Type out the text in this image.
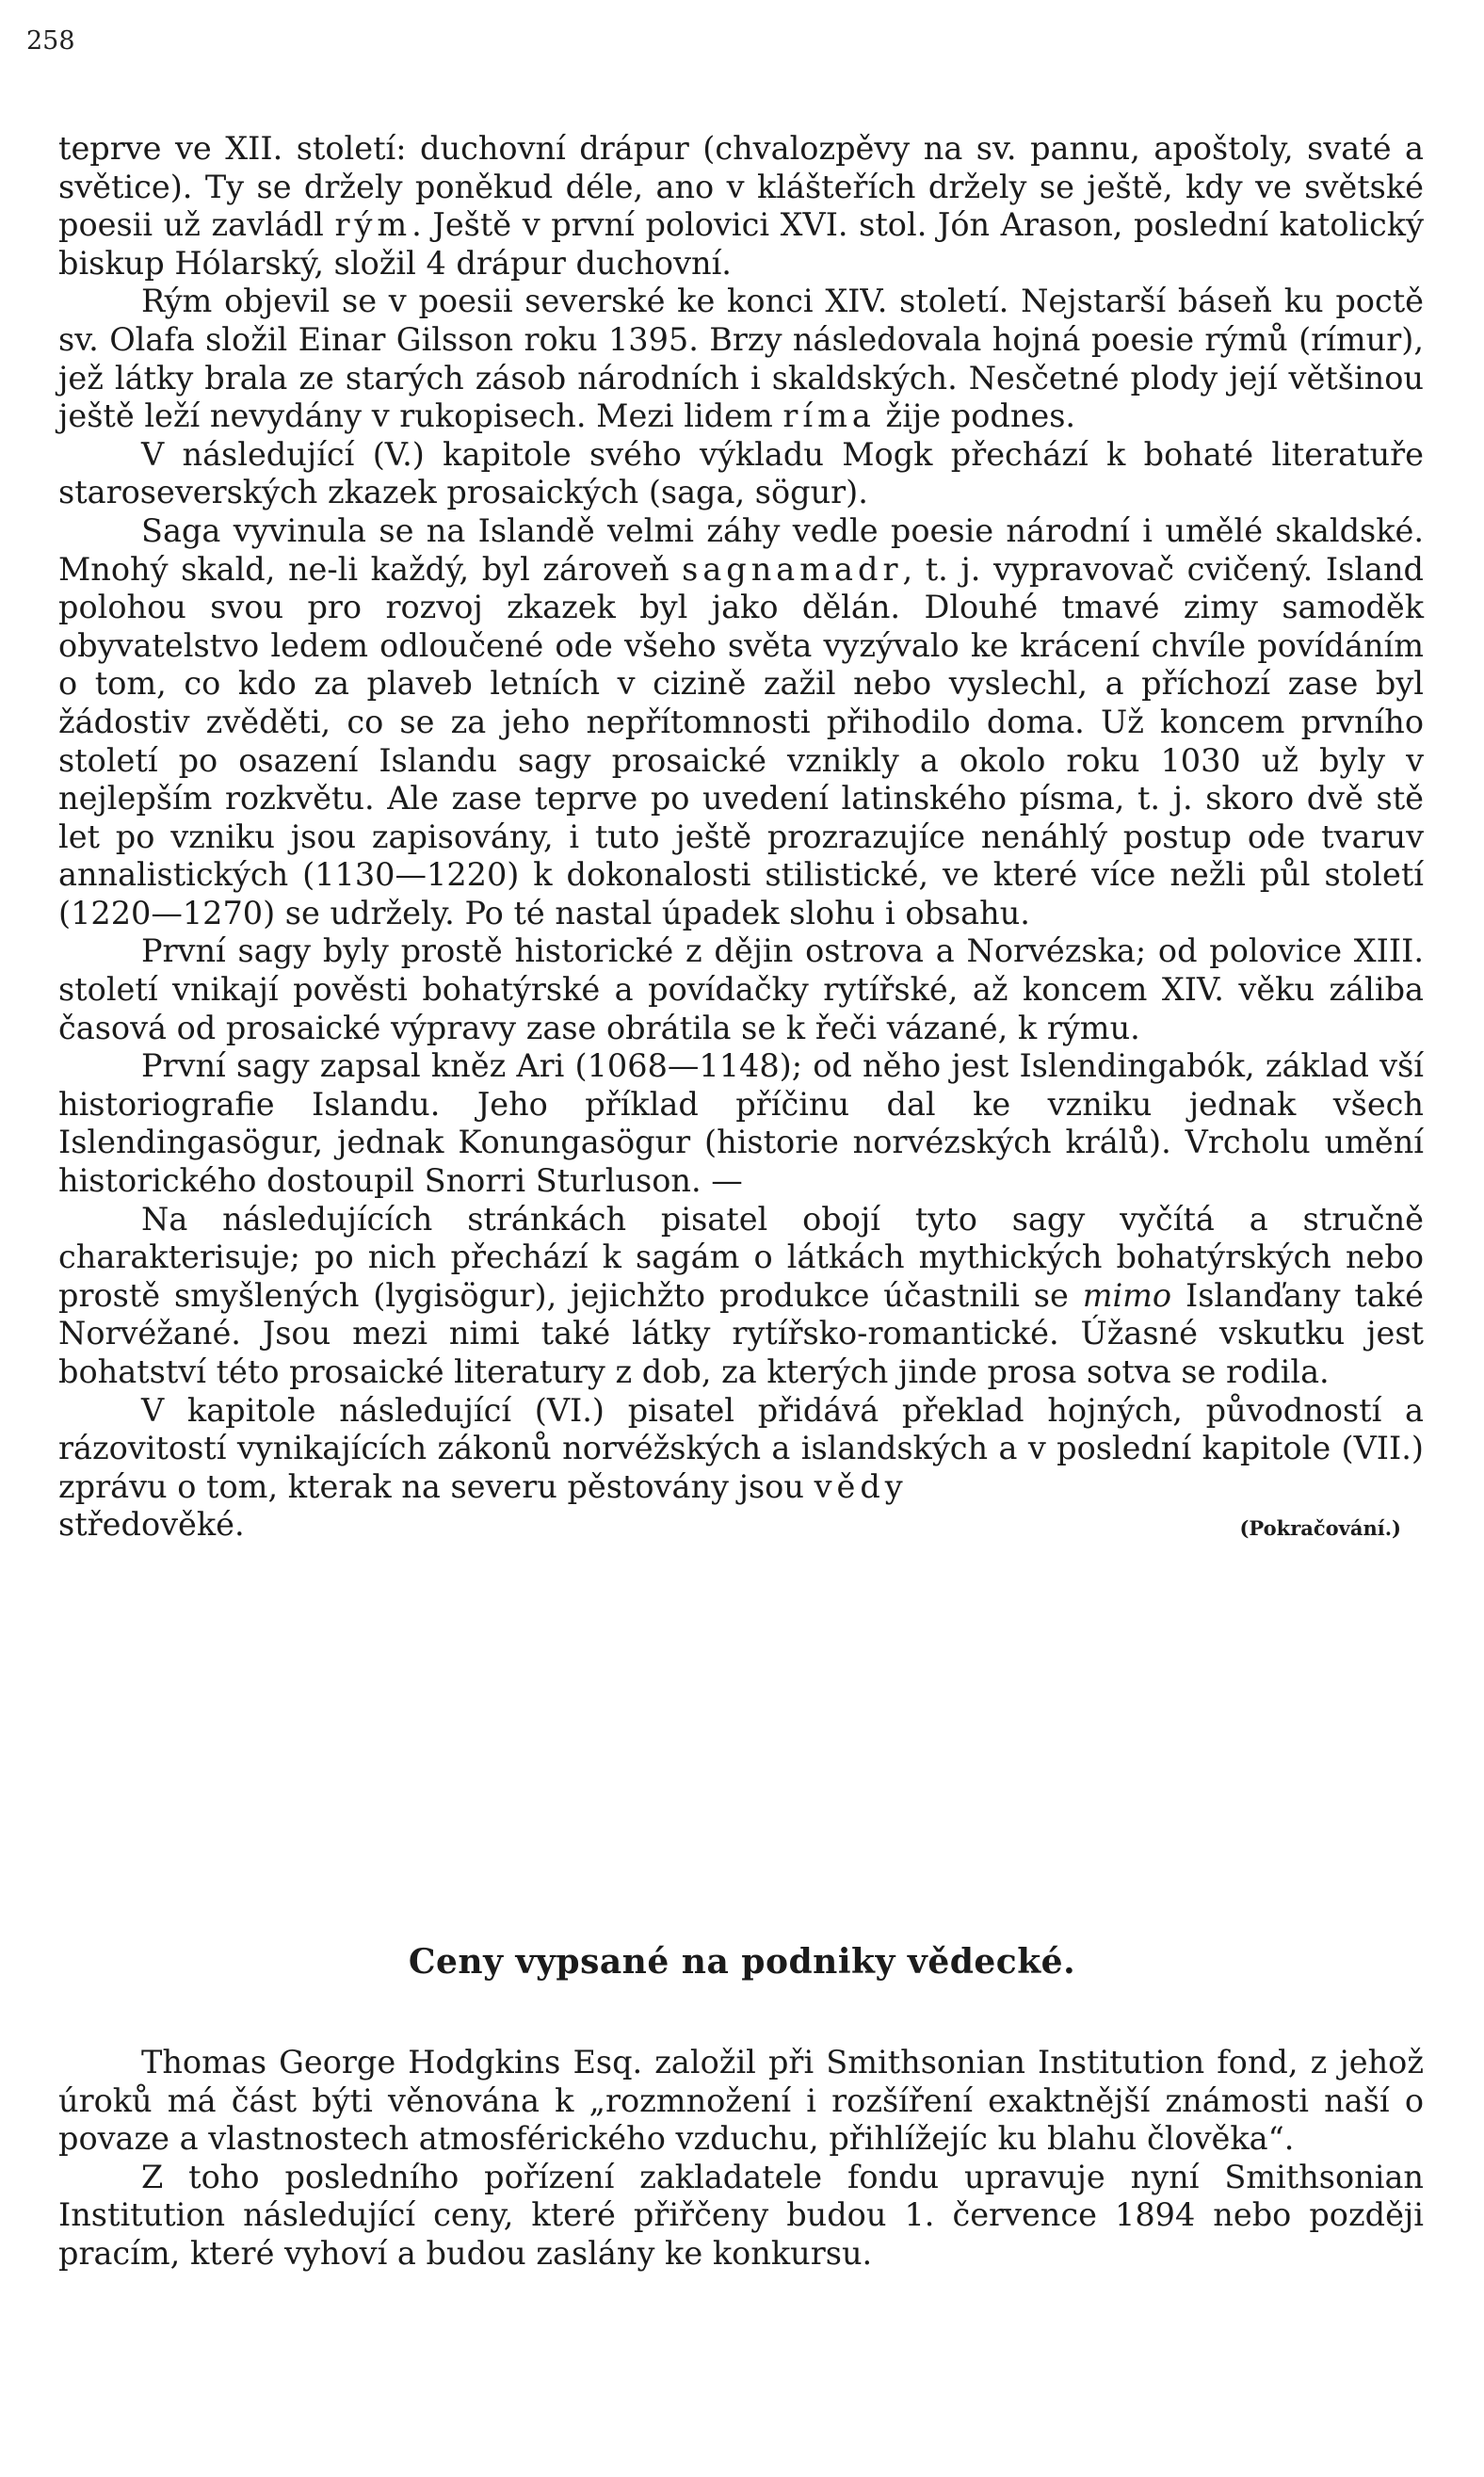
258

teprve ve XII. století: duchovní drápur (chvalozpěvy na sv. pannu, apoštoly, svaté a světice). Ty se držely poněkud déle, ano v klášteřích držely se ještě, kdy ve světské poesii už zavládl rým. Ještě v první polovici XVI. stol. Jón Arason, poslední katolický biskup Hólarský, složil 4 drápur duchovní.

Rým objevil se v poesii severské ke konci XIV. století. Nejstarší báseň ku poctě sv. Olafa složil Einar Gilsson roku 1395. Brzy následovala hojná poesie rýmů (rímur), jež látky brala ze starých zásob národních i skaldských. Nesčetné plody její většinou ještě leží nevydány v rukopisech. Mezi lidem ríma žije podnes.

V následující (V.) kapitole svého výkladu Mogk přechází k bohaté literatuře staroseverských zkazek prosaických (saga, sögur).

Saga vyvinula se na Islandě velmi záhy vedle poesie národní i umělé skaldské. Mnohý skald, ne-li každý, byl zároveň sagnamadr, t. j. vypravovač cvičený. Island polohou svou pro rozvoj zkazek byl jako dělán. Dlouhé tmavé zimy samoděk obyvatelstvo ledem odloučené ode všeho světa vyzývalo ke krácení chvíle povídáním o tom, co kdo za plaveb letních v cizině zažil nebo vyslechl, a příchozí zase byl žádostiv zvěděti, co se za jeho nepřítomnosti přihodilo doma. Už koncem prvního století po osazení Islandu sagy prosaické vznikly a okolo roku 1030 už byly v nejlepším rozkvětu. Ale zase teprve po uvedení latinského písma, t. j. skoro dvě stě let po vzniku jsou zapisovány, i tuto ještě prozrazujíce nenáhlý postup ode tvaruv annalistických (1130—1220) k dokonalosti stilistické, ve které více nežli půl století (1220—1270) se udržely. Po té nastal úpadek slohu i obsahu.

První sagy byly prostě historické z dějin ostrova a Norvézska; od polovice XIII. století vnikají pověsti bohatýrské a povídačky rytířské, až koncem XIV. věku záliba časová od prosaické výpravy zase obrátila se k řeči vázané, k rýmu.

První sagy zapsal kněz Ari (1068—1148); od něho jest Islendingabók, základ vší historiografie Islandu. Jeho příklad příčinu dal ke vzniku jednak všech Islendingasögur, jednak Konungasögur (historie norvézských králů). Vrcholu umění historického dostoupil Snorri Sturluson. —

Na následujících stránkách pisatel obojí tyto sagy vyčítá a stručně charakterisuje; po nich přechází k sagám o látkách mythických bohatýrských nebo prostě smyšlených (lygisögur), jejichžto produkce účastnili se mimo Islanďany také Norvéžané. Jsou mezi nimi také látky rytířsko-romantické. Úžasné vskutku jest bohatství této prosaické literatury z dob, za kterých jinde prosa sotva se rodila.

V kapitole následující (VI.) pisatel přidává překlad hojných, původností a rázovitostí vynikajících zákonů norvéžských a islandských a v poslední kapitole (VII.) zprávu o tom, kterak na severu pěstovány jsou vědy

středověké.	(Pokračování.)
Ceny vypsané na podniky vědecké.

Thomas George Hodgkins Esq. založil při Smithsonian Institution fond, z jehož úroků má část býti věnována k „rozmnožení i rozšíření exaktnější známosti naší o povaze a vlastnostech atmosférického vzduchu, přihlížejíc ku blahu člověka“.

Z toho posledního pořízení zakladatele fondu upravuje nyní Smithsonian Institution následující ceny, které přiřčeny budou 1. července 1894 nebo později pracím, které vyhoví a budou zaslány ke konkursu.
